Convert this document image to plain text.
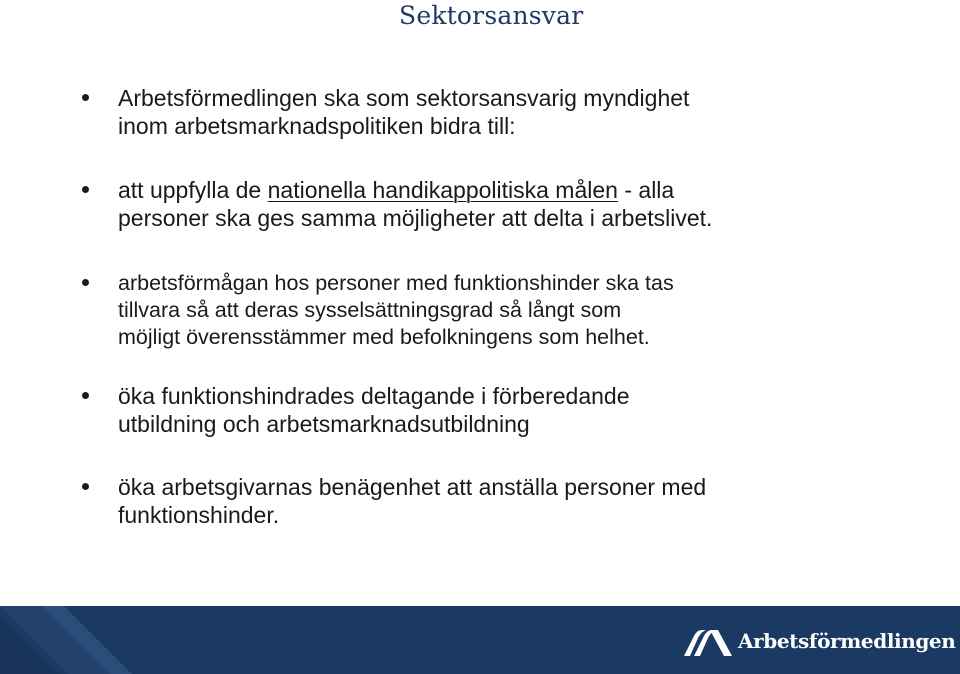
Sektorsansvar
Arbetsförmedlingen ska som sektorsansvarig myndighet
inom arbetsmarknadspolitiken bidra till:
att uppfylla de nationella handikappolitiska målen - alla
personer ska ges samma möjligheter att delta i arbetslivet.
arbetsförmågan hos personer med funktionshinder ska tas
tillvara så att deras sysselsättningsgrad så långt som
möjligt överensstämmer med befolkningens som helhet.
öka funktionshindrades deltagande i förberedande
utbildning och arbetsmarknadsutbildning
öka arbetsgivarnas benägenhet att anställa personer med
funktionshinder.
Arbetsförmedlingen
